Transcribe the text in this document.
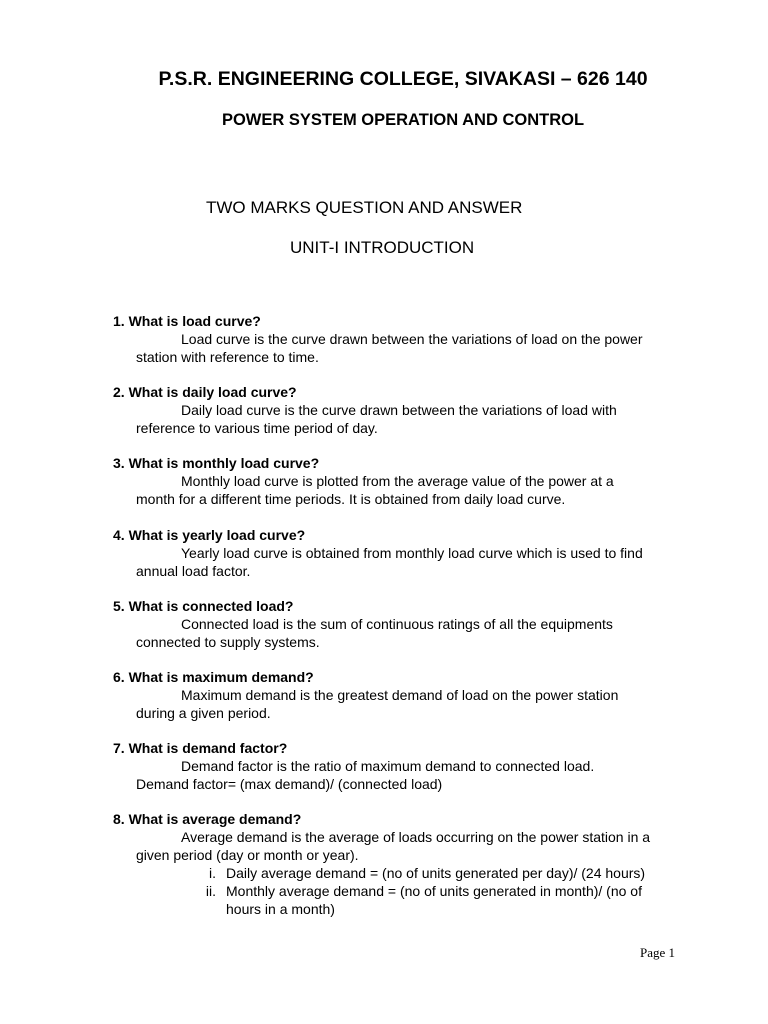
P.S.R. ENGINEERING COLLEGE, SIVAKASI – 626 140
POWER SYSTEM OPERATION AND CONTROL
TWO MARKS QUESTION AND ANSWER
UNIT-I INTRODUCTION
1. What is load curve?
Load curve is the curve drawn between the variations of load on the power station with reference to time.
2. What is daily load curve?
Daily load curve is the curve drawn between the variations of load with reference to various time period of day.
3. What is monthly load curve?
Monthly load curve is plotted from the average value of the power at a month for a different time periods. It is obtained from daily load curve.
4. What is yearly load curve?
Yearly load curve is obtained from monthly load curve which is used to find annual load factor.
5. What is connected load?
Connected load is the sum of continuous ratings of all the equipments connected to supply systems.
6. What is maximum demand?
Maximum demand is the greatest demand of load on the power station during a given period.
7. What is demand factor?
Demand factor is the ratio of maximum demand to connected load.
Demand factor= (max demand)/ (connected load)
8. What is average demand?
Average demand is the average of loads occurring on the power station in a given period (day or month or year).
i. Daily average demand = (no of units generated per day)/ (24 hours)
ii. Monthly average demand = (no of units generated in month)/ (no of hours in a month)
Page 1
